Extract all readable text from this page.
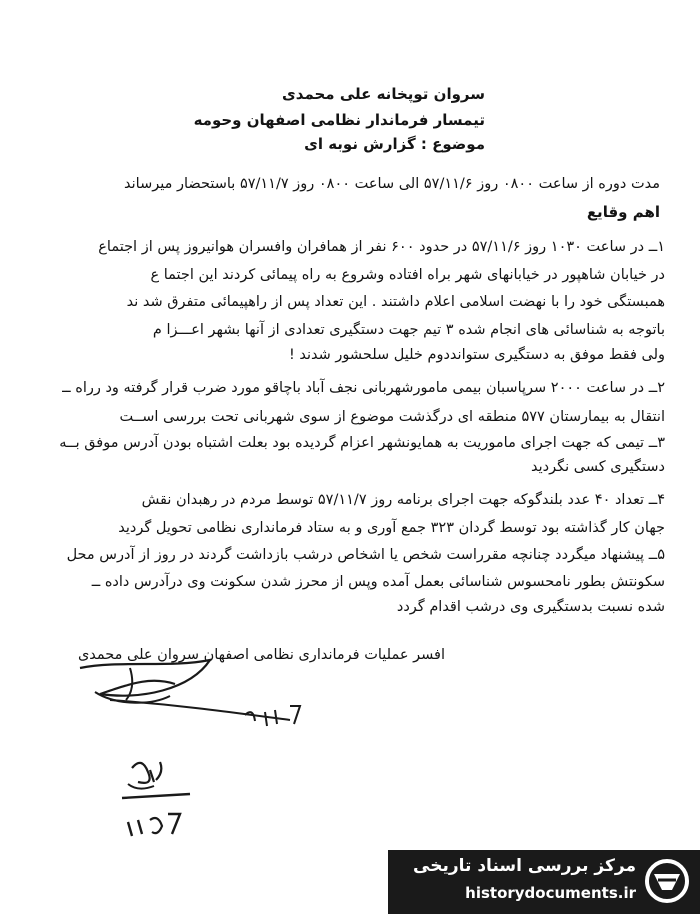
سروان توپخانه علی محمدی
تیمسار فرماندار نظامی اصفهان وحومه
موضوع : گزارش نوبه ای
مدت دوره از ساعت ۰۸۰۰ روز ۵۷/۱۱/۶ الی ساعت ۰۸۰۰ روز ۵۷/۱۱/۷ باستحضار میرساند
اهم وقایع
۱ــ در ساعت ۱۰۳۰ روز ۵۷/۱۱/۶ در حدود ۶۰۰ نفر از همافران وافسران هوانیروز پس از اجتماع
در خیابان شاهپور در خیابانهای شهر براه افتاده وشروع به راه پیمائی کردند این اجتما ع
همبستگی خود را با نهضت اسلامی اعلام داشتند . این تعداد پس از راهپیمائی متفرق شد ند
باتوجه به شناسائی های انجام شده ۳ تیم جهت دستگیری تعدادی از آنها بشهر اعـــزا م
ولی فقط موفق به دستگیری ستوانددوم خلیل سلحشور شدند !
۲ــ در ساعت ۲۰۰۰ سرپاسبان بیمی مامورشهربانی نجف آباد باچاقو مورد ضرب قرار گرفته ود رراه ــ
انتقال به بیمارستان ۵۷۷ منطقه ای درگذشت موضوع از سوی شهربانی تحت بررسی اســت
۳ــ تیمی که جهت اجرای ماموریت به همایونشهر اعزام گردیده بود بعلت اشتباه بودن آدرس موفق بــه
دستگیری کسی نگردید
۴ــ تعداد ۴۰ عدد بلندگوکه جهت اجرای برنامه روز ۵۷/۱۱/۷ توسط مردم در رهبدان نقش
جهان کار گذاشته بود توسط گردان ۳۲۳ جمع آوری و به ستاد فرمانداری نظامی تحویل گردید
۵ــ پیشنهاد میگردد چنانچه مقرراست شخص یا اشخاص درشب بازداشت گردند در روز از آدرس محل
سکونتش بطور نامحسوس شناسائی بعمل آمده وپس از محرز شدن سکونت وی درآدرس داده ــ
شده نسبت بدستگیری وی درشب اقدام گردد
افسر عملیات فرمانداری نظامی اصفهان سروان علی محمدی
مرکز بررسی اسناد تاریخی
historydocuments.ir
